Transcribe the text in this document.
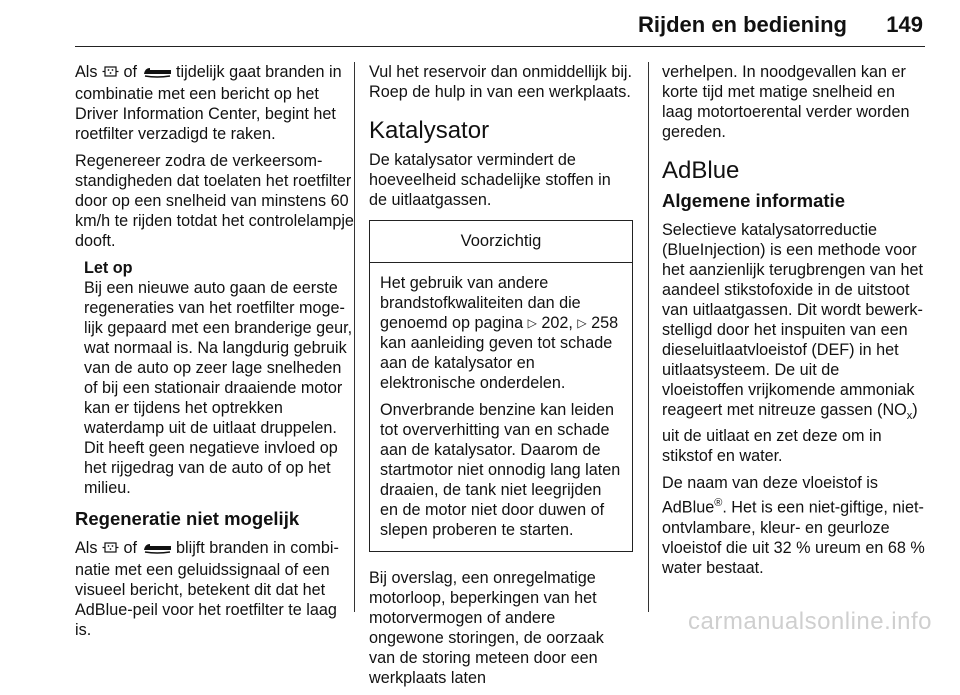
Rijden en bediening 149

Als  of  tijdelijk gaat branden in combinatie met een bericht op het Driver Information Center, begint het roetfilter verzadigd te raken.

Regenereer zodra de verkeersomstandigheden dat toelaten het roetfilter door op een snelheid van minstens 60 km/h te rijden totdat het controlelampje dooft.

Let op

Bij een nieuwe auto gaan de eerste regeneraties van het roetfilter mogelijk gepaard met een branderige geur, wat normaal is. Na langdurig gebruik van de auto op zeer lage snelheden of bij een stationair draaiende motor kan er tijdens het optrekken waterdamp uit de uitlaat druppelen. Dit heeft geen negatieve invloed op het rijgedrag van de auto of op het milieu.

Regeneratie niet mogelijk

Als  of  blijft branden in combinatie met een geluidssignaal of een visueel bericht, betekent dit dat het AdBlue-peil voor het roetfilter te laag is.

Vul het reservoir dan onmiddellijk bij. Roep de hulp in van een werkplaats.

Katalysator

De katalysator vermindert de hoeveelheid schadelijke stoffen in de uitlaatgassen.

Voorzichtig

Het gebruik van andere brandstofkwaliteiten dan die genoemd op pagina ▷ 202, ▷ 258 kan aanleiding geven tot schade aan de katalysator en elektronische onderdelen.

Onverbrande benzine kan leiden tot oververhitting van en schade aan de katalysator. Daarom de startmotor niet onnodig lang laten draaien, de tank niet leegrijden en de motor niet door duwen of slepen proberen te starten.

Bij overslag, een onregelmatige motorloop, beperkingen van het motorvermogen of andere ongewone storingen, de oorzaak van de storing meteen door een werkplaats laten

verhelpen. In noodgevallen kan er korte tijd met matige snelheid en laag motortoerental verder worden gereden.

AdBlue
Algemene informatie

Selectieve katalysatorreductie (BlueInjection) is een methode voor het aanzienlijk terugbrengen van het aandeel stikstofoxide in de uitstoot van uitlaatgassen. Dit wordt bewerkstelligd door het inspuiten van een dieseluitlaatvloeistof (DEF) in het uitlaatsysteem. De uit de vloeistoffen vrijkomende ammoniak reageert met nitreuze gassen $(NO_x)$ uit de uitlaat en zet deze om in stikstof en water.

De naam van deze vloeistof is AdBlue®. Het is een niet-giftige, niet-ontvlambare, kleur- en geurloze vloeistof die uit 32 % ureum en 68 % water bestaat.

carmanualsonline.info
